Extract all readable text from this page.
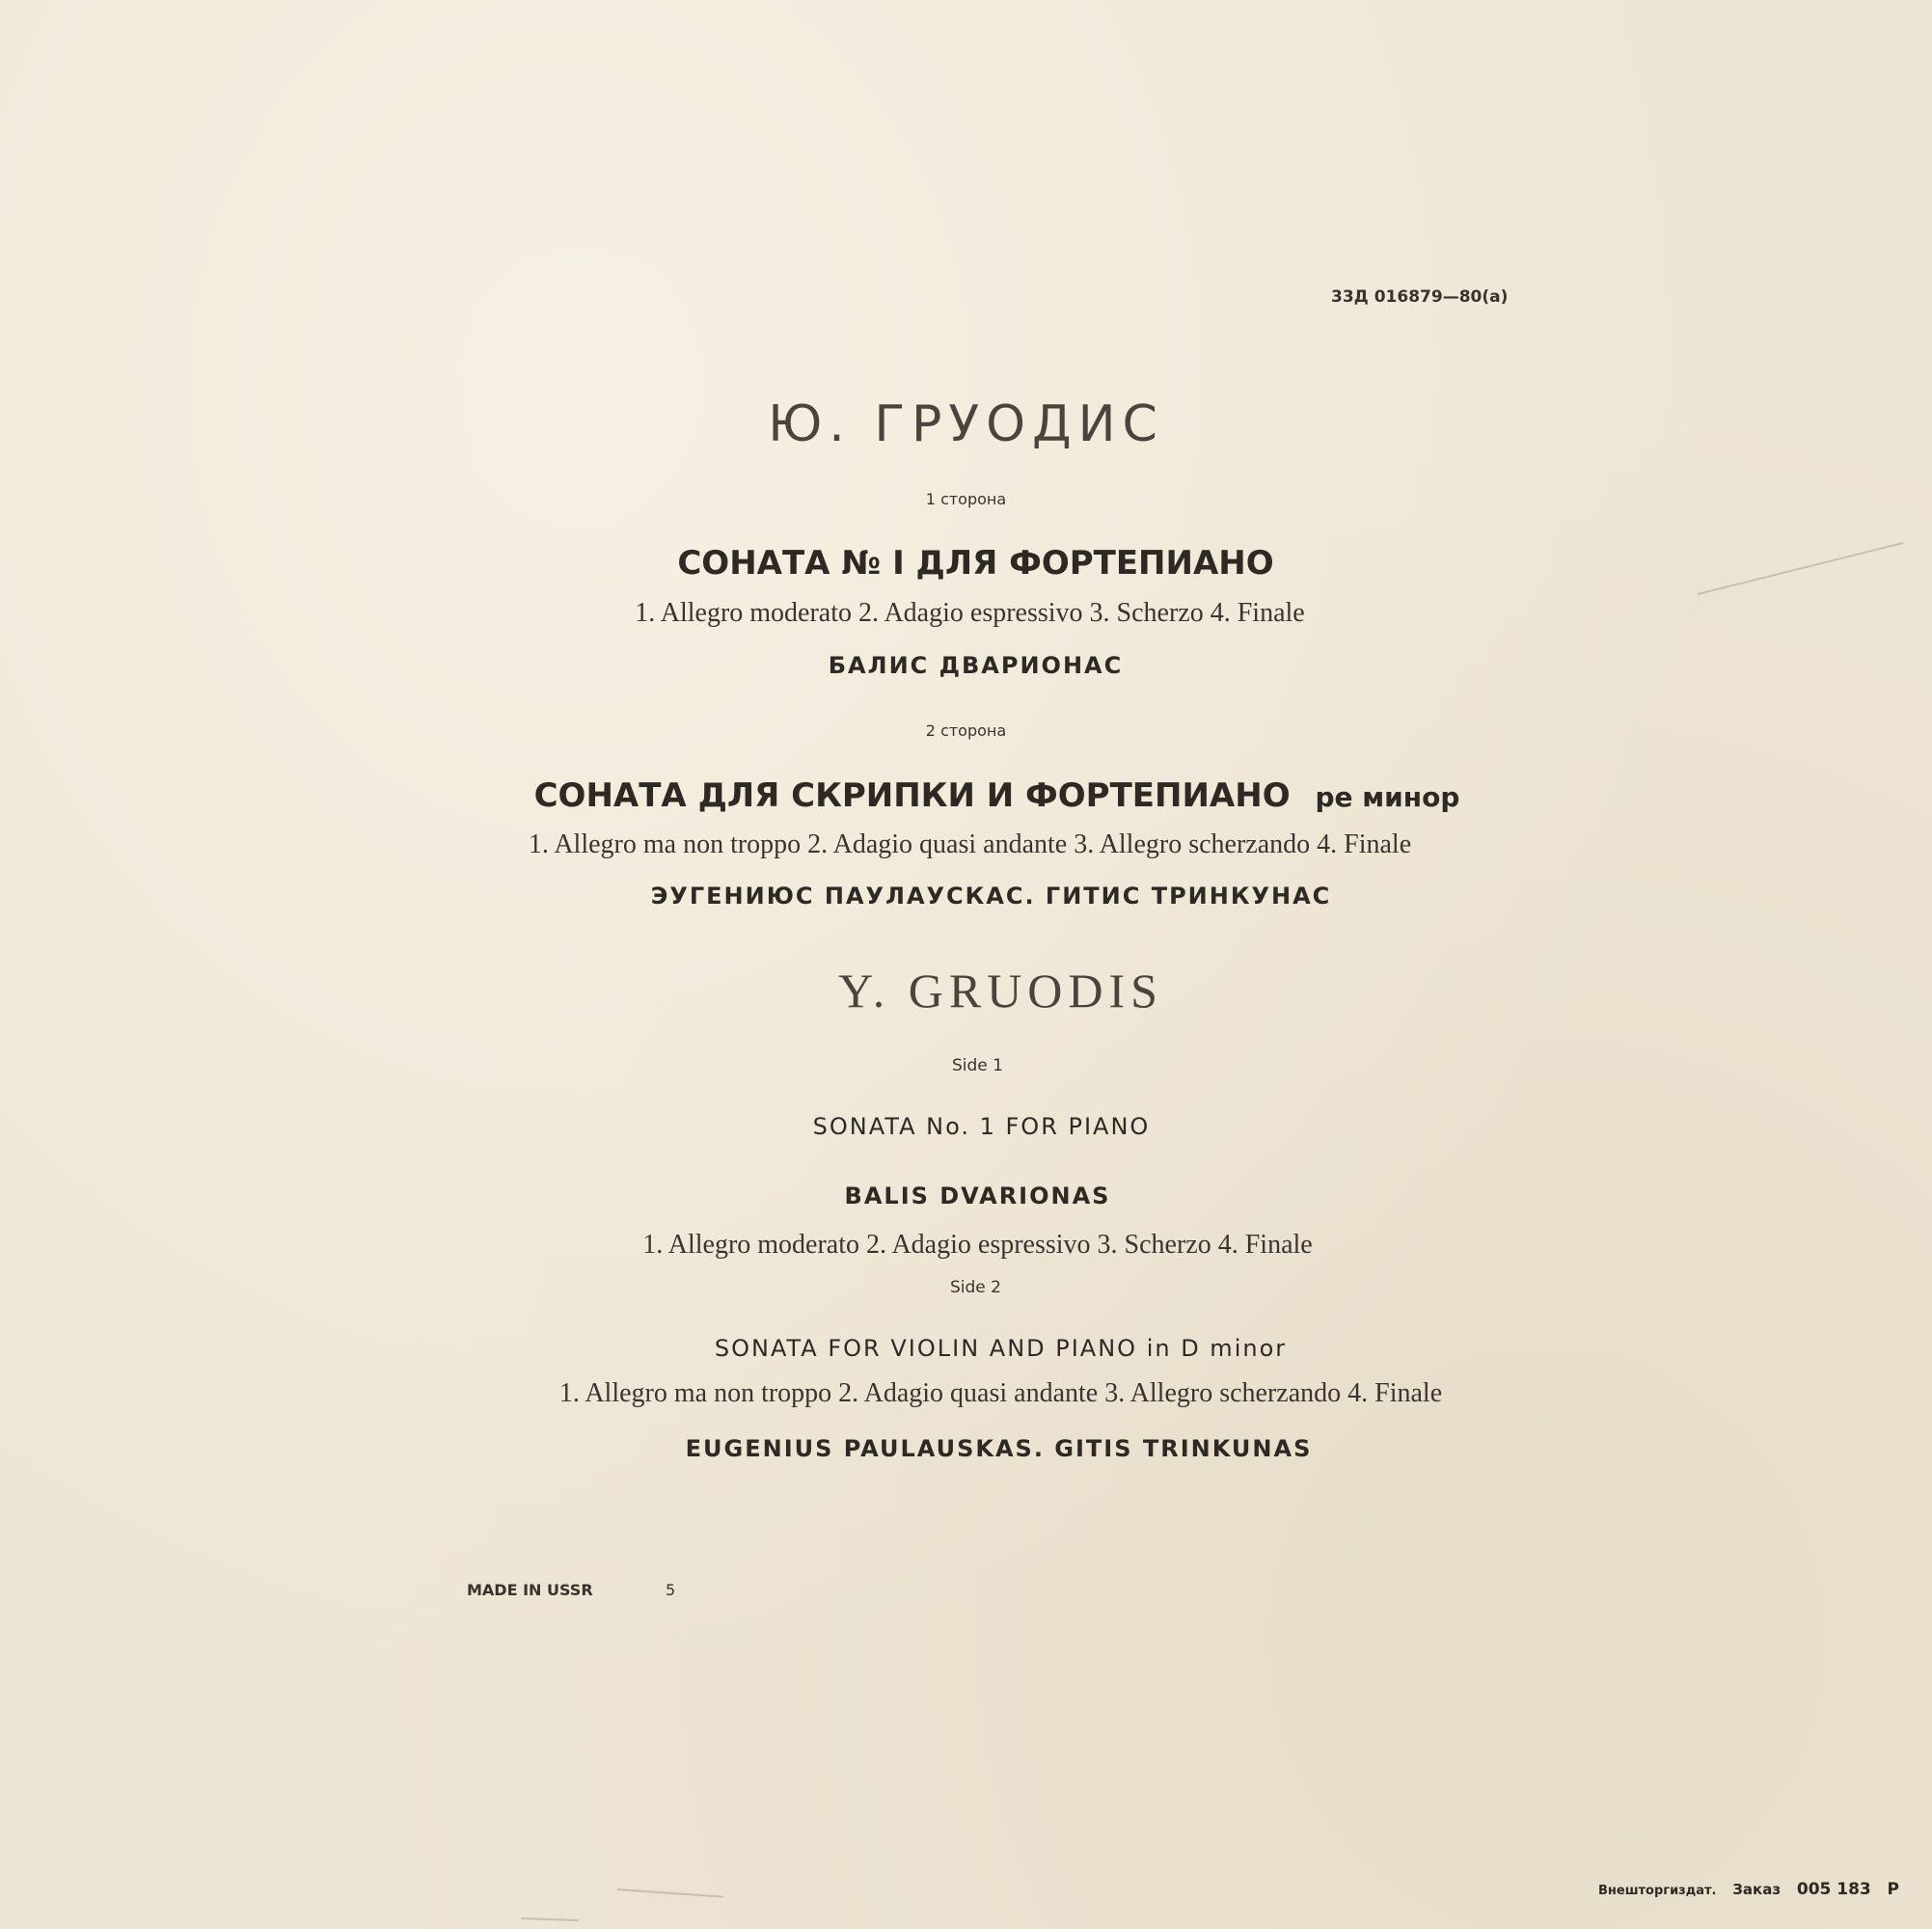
33Д 016879—80(а)
Ю. ГРУОДИС
1 сторона
СОНАТА № I ДЛЯ ФОРТЕПИАНО
1. Allegro moderato 2. Adagio espressivo 3. Scherzo 4. Finale
БАЛИС ДВАРИОНАС
2 сторона
СОНАТА ДЛЯ СКРИПКИ И ФОРТЕПИАНО ре минор
1. Allegro ma non troppo 2. Adagio quasi andante 3. Allegro scherzando 4. Finale
ЭУГЕНИЮС ПАУЛАУСКАС. ГИТИС ТРИНКУНАС
Y. GRUODIS
Side 1
SONATA No. 1 FOR PIANO
BALIS DVARIONAS
1. Allegro moderato 2. Adagio espressivo 3. Scherzo 4. Finale
Side 2
SONATA FOR VIOLIN AND PIANO in D minor
1. Allegro ma non troppo 2. Adagio quasi andante 3. Allegro scherzando 4. Finale
EUGENIUS PAULAUSKAS. GITIS TRINKUNAS
MADE IN USSR	5
Внешторгиздат. Заказ 005 183 Р
